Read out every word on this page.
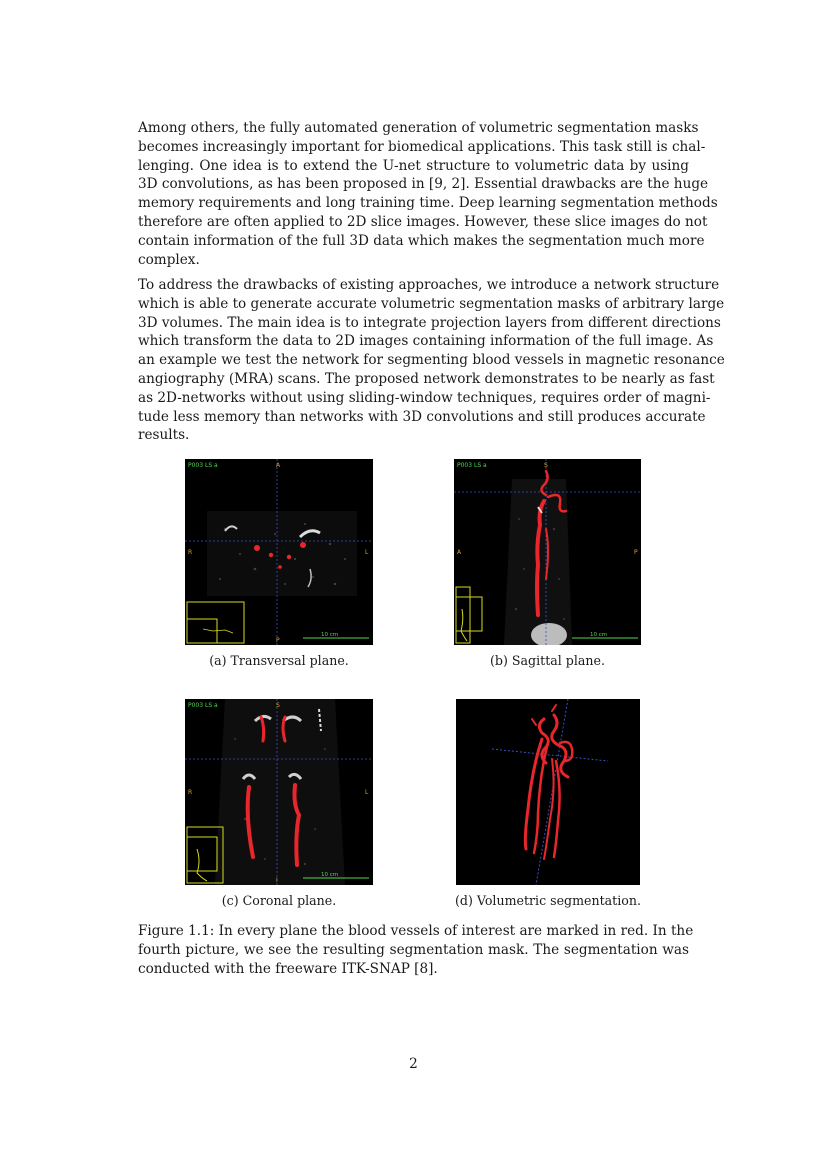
Among others, the fully automated generation of volumetric segmentation masks
becomes increasingly important for biomedical applications. This task still is chal-
lenging. One idea is to extend the U-net structure to volumetric data by using
3D convolutions, as has been proposed in [9, 2]. Essential drawbacks are the huge
memory requirements and long training time. Deep learning segmentation methods
therefore are often applied to 2D slice images. However, these slice images do not
contain information of the full 3D data which makes the segmentation much more
complex.

To address the drawbacks of existing approaches, we introduce a network structure
which is able to generate accurate volumetric segmentation masks of arbitrary large
3D volumes. The main idea is to integrate projection layers from different directions
which transform the data to 2D images containing information of the full image. As
an example we test the network for segmenting blood vessels in magnetic resonance
angiography (MRA) scans. The proposed network demonstrates to be nearly as fast
as 2D-networks without using sliding-window techniques, requires order of magni-
tude less memory than networks with 3D convolutions and still produces accurate
results.

P003 LS a	A
P
R	L
10 cm
(a) Transversal plane.
P003 LS a	S
A	P
10 cm
(b) Sagittal plane.
P003 LS a	S
I
R	L
10 cm
(c) Coronal plane.	(d) Volumetric segmentation.

Figure 1.1: In every plane the blood vessels of interest are marked in red. In the
fourth picture, we see the resulting segmentation mask. The segmentation was
conducted with the freeware ITK-SNAP [8].

2
